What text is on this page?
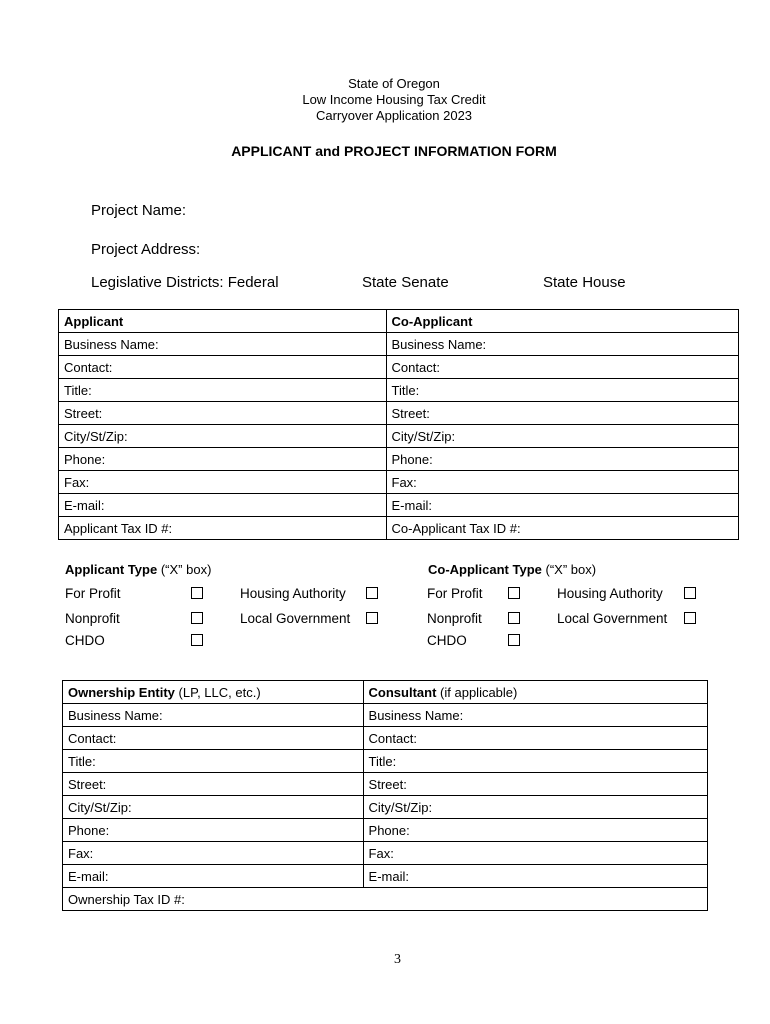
State of Oregon
Low Income Housing Tax Credit
Carryover Application 2023
APPLICANT and PROJECT INFORMATION FORM
Project Name:
Project Address:
Legislative Districts: Federal	State Senate	State House
Applicant	Co-Applicant
Business Name:	Business Name:
Contact:	Contact:
Title:	Title:
Street:	Street:
City/St/Zip:	City/St/Zip:
Phone:	Phone:
Fax:	Fax:
E-mail:	E-mail:
Applicant Tax ID #:	Co-Applicant Tax ID #:
Applicant Type (“X” box)
For Profit	Housing Authority
Nonprofit	Local Government
CHDO
Co-Applicant Type (“X” box)
For Profit	Housing Authority
Nonprofit	Local Government
CHDO
Ownership Entity (LP, LLC, etc.)	Consultant (if applicable)
Business Name:	Business Name:
Contact:	Contact:
Title:	Title:
Street:	Street:
City/St/Zip:	City/St/Zip:
Phone:	Phone:
Fax:	Fax:
E-mail:	E-mail:
Ownership Tax ID #:	
3
